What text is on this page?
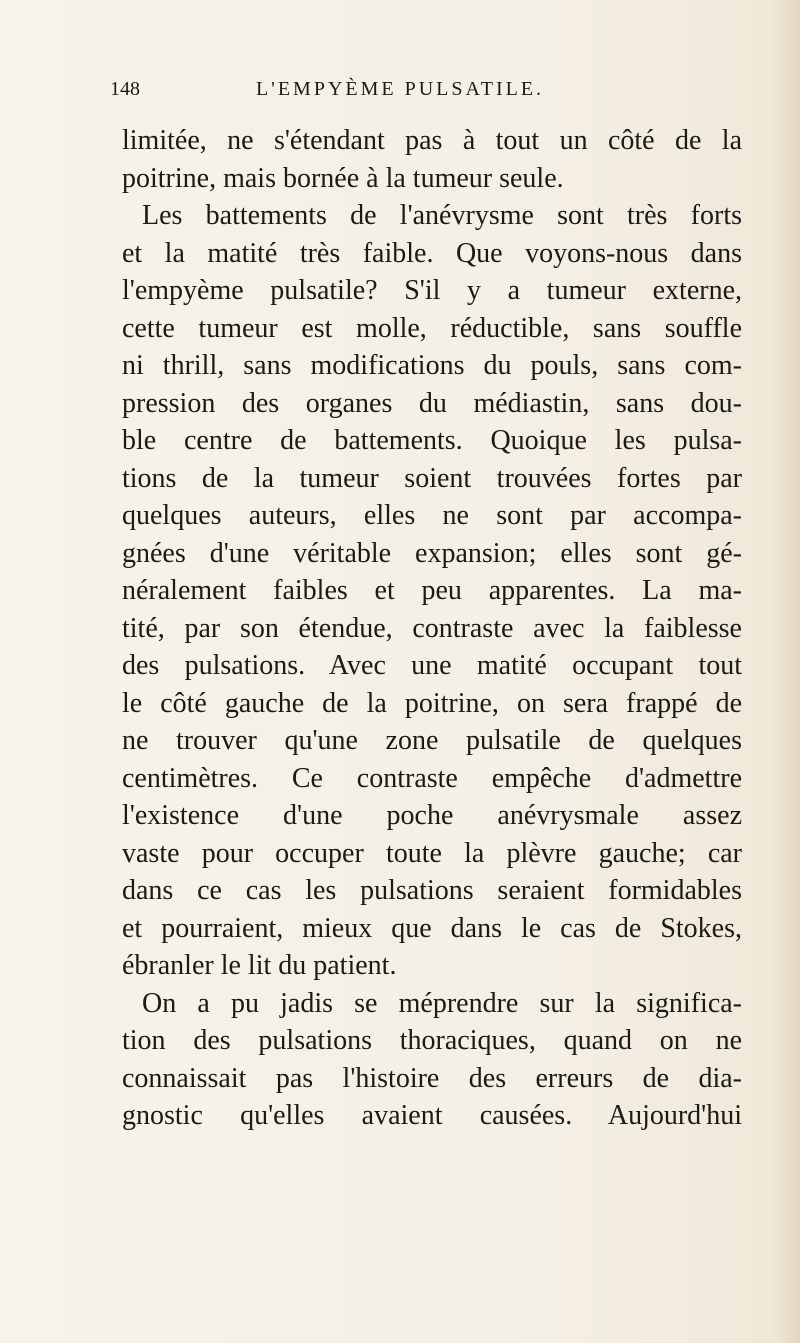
148	L'EMPYÈME PULSATILE.
limitée, ne s'étendant pas à tout un côté de la
poitrine, mais bornée à la tumeur seule.
Les battements de l'anévrysme sont très forts
et la matité très faible. Que voyons-nous dans
l'empyème pulsatile? S'il y a tumeur externe,
cette tumeur est molle, réductible, sans souffle
ni thrill, sans modifications du pouls, sans com-
pression des organes du médiastin, sans dou-
ble centre de battements. Quoique les pulsa-
tions de la tumeur soient trouvées fortes par
quelques auteurs, elles ne sont par accompa-
gnées d'une véritable expansion; elles sont gé-
néralement faibles et peu apparentes. La ma-
tité, par son étendue, contraste avec la faiblesse
des pulsations. Avec une matité occupant tout
le côté gauche de la poitrine, on sera frappé de
ne trouver qu'une zone pulsatile de quelques
centimètres. Ce contraste empêche d'admettre
l'existence d'une poche anévrysmale assez
vaste pour occuper toute la plèvre gauche; car
dans ce cas les pulsations seraient formidables
et pourraient, mieux que dans le cas de Stokes,
ébranler le lit du patient.
On a pu jadis se méprendre sur la significa-
tion des pulsations thoraciques, quand on ne
connaissait pas l'histoire des erreurs de dia-
gnostic qu'elles avaient causées. Aujourd'hui
